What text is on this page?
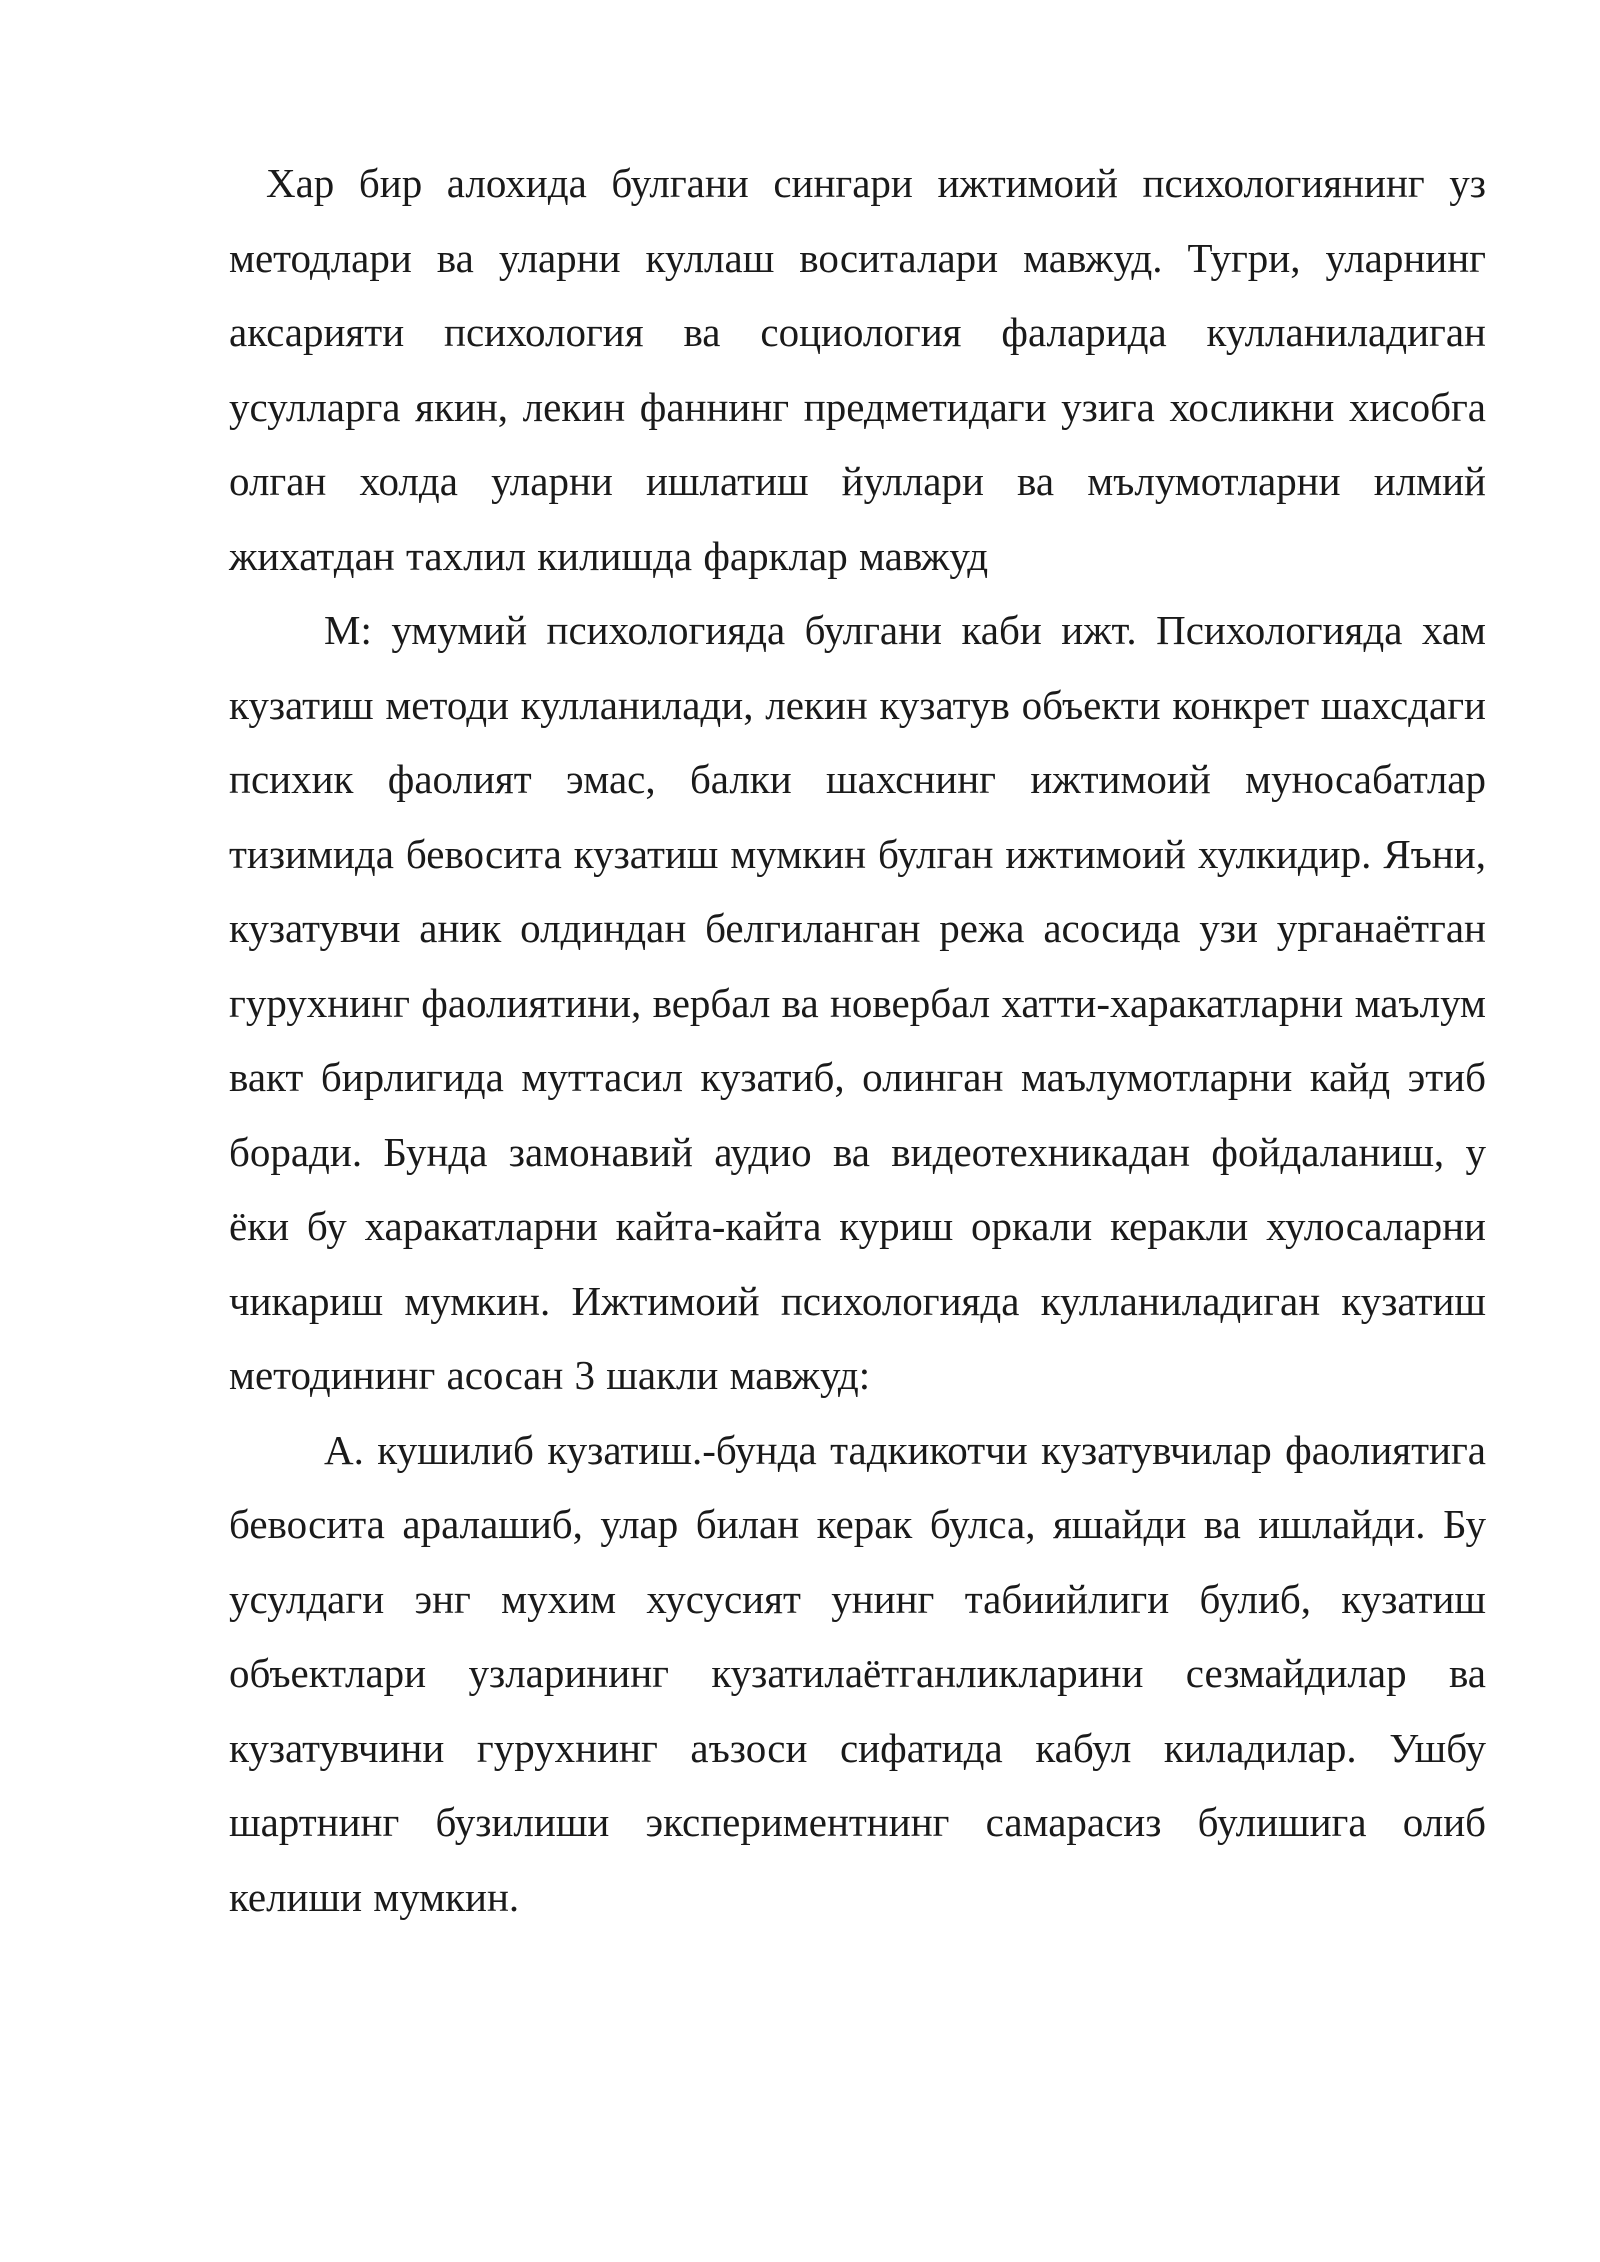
Хар бир алохида булгани сингари ижтимоий психологиянинг уз методлари ва уларни куллаш воситалари мавжуд. Тугри, уларнинг аксарияти психология ва социология фаларида кулланиладиган усулларга якин, лекин фаннинг предметидаги узига хосликни хисобга олган холда уларни ишлатиш йуллари ва мълумотларни илмий жихатдан тахлил килишда фарклар мавжуд

М: умумий психологияда булгани каби ижт. Психологияда хам кузатиш методи кулланилади, лекин кузатув объекти конкрет шахсдаги психик фаолият эмас, балки шахснинг ижтимоий муносабатлар тизимида бевосита кузатиш мумкин булган ижтимоий хулкидир. Яъни, кузатувчи аник олдиндан белгиланган режа асосида узи урганаётган гурухнинг фаолиятини, вербал ва новербал хатти-харакатларни маълум вакт бирлигида муттасил кузатиб, олинган маълумотларни кайд этиб боради. Бунда замонавий аудио ва видеотехникадан фойдаланиш, у ёки бу харакатларни кайта-кайта куриш оркали керакли хулосаларни чикариш мумкин. Ижтимоий психологияда кулланиладиган кузатиш методининг асосан 3 шакли мавжуд:

А. кушилиб кузатиш.-бунда тадкикотчи кузатувчилар фаолиятига бевосита аралашиб, улар билан керак булса, яшайди ва ишлайди. Бу усулдаги энг мухим хусусият унинг табиийлиги булиб, кузатиш объектлари узларининг кузатилаётганликларини сезмайдилар ва кузатувчини гурухнинг аъзоси сифатида кабул киладилар. Ушбу шартнинг бузилиши экспериментнинг самарасиз булишига олиб келиши мумкин.
